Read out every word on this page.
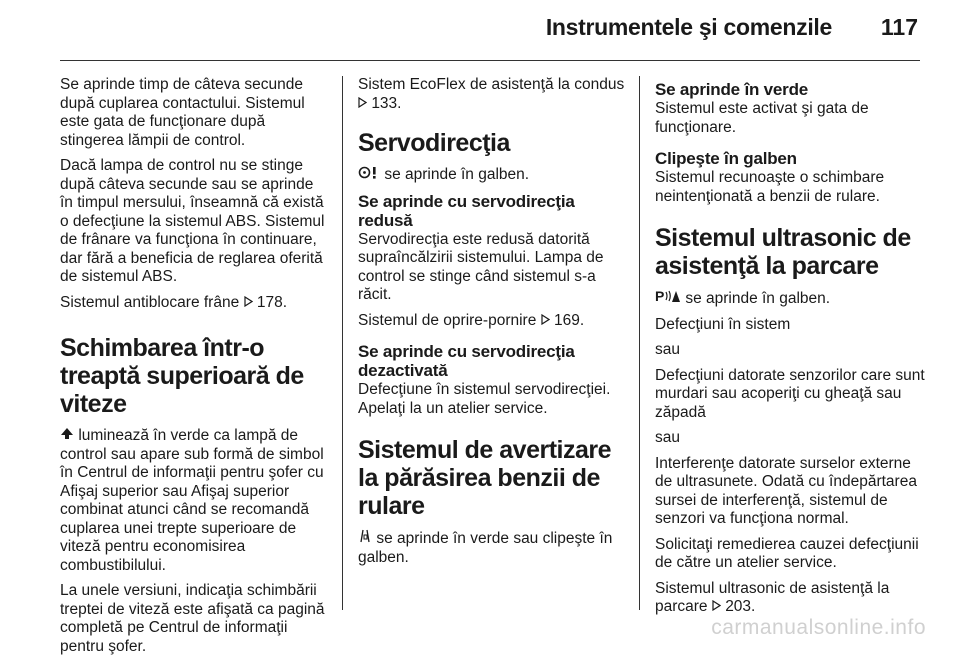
Instrumentele şi comenzile 117

Se aprinde timp de câteva secunde după cuplarea contactului. Sistemul este gata de funcţionare după stingerea lămpii de control.

Dacă lampa de control nu se stinge după câteva secunde sau se aprinde în timpul mersului, înseamnă că există o defecţiune la sistemul ABS. Sistemul de frânare va funcţiona în continuare, dar fără a beneficia de reglarea oferită de sistemul ABS.

Sistemul antiblocare frâne 178.

Schimbarea într-o treaptă superioară de viteze

luminează în verde ca lampă de control sau apare sub formă de simbol în Centrul de informaţii pentru şofer cu Afişaj superior sau Afişaj superior combinat atunci când se recomandă cuplarea unei trepte superioare de viteză pentru economisirea combustibilului.

La unele versiuni, indicaţia schimbării treptei de viteză este afişată ca pagină completă pe Centrul de informaţii pentru şofer.

Sistem EcoFlex de asistenţă la condus  133.

Servodirecţia

se aprinde în galben.

Se aprinde cu servodirecţia redusă

Servodirecţia este redusă datorită supraîncălzirii sistemului. Lampa de control se stinge când sistemul s-a răcit.

Sistemul de oprire-pornire 169.

Se aprinde cu servodirecţia dezactivată

Defecţiune în sistemul servodirecţiei. Apelaţi la un atelier service.

Sistemul de avertizare la părăsirea benzii de rulare

se aprinde în verde sau clipeşte în galben.

Se aprinde în verde

Sistemul este activat şi gata de funcţionare.

Clipeşte în galben

Sistemul recunoaşte o schimbare neintenţionată a benzii de rulare.

Sistemul ultrasonic de asistenţă la parcare

P se aprinde în galben.

Defecţiuni în sistem

sau

Defecţiuni datorate senzorilor care sunt murdari sau acoperiţi cu gheaţă sau zăpadă

sau

Interferenţe datorate surselor externe de ultrasunete. Odată cu îndepărtarea sursei de interferenţă, sistemul de senzori va funcţiona normal.

Solicitaţi remedierea cauzei defecţiunii de către un atelier service.

Sistemul ultrasonic de asistenţă la parcare 203.

carmanualsonline.info
